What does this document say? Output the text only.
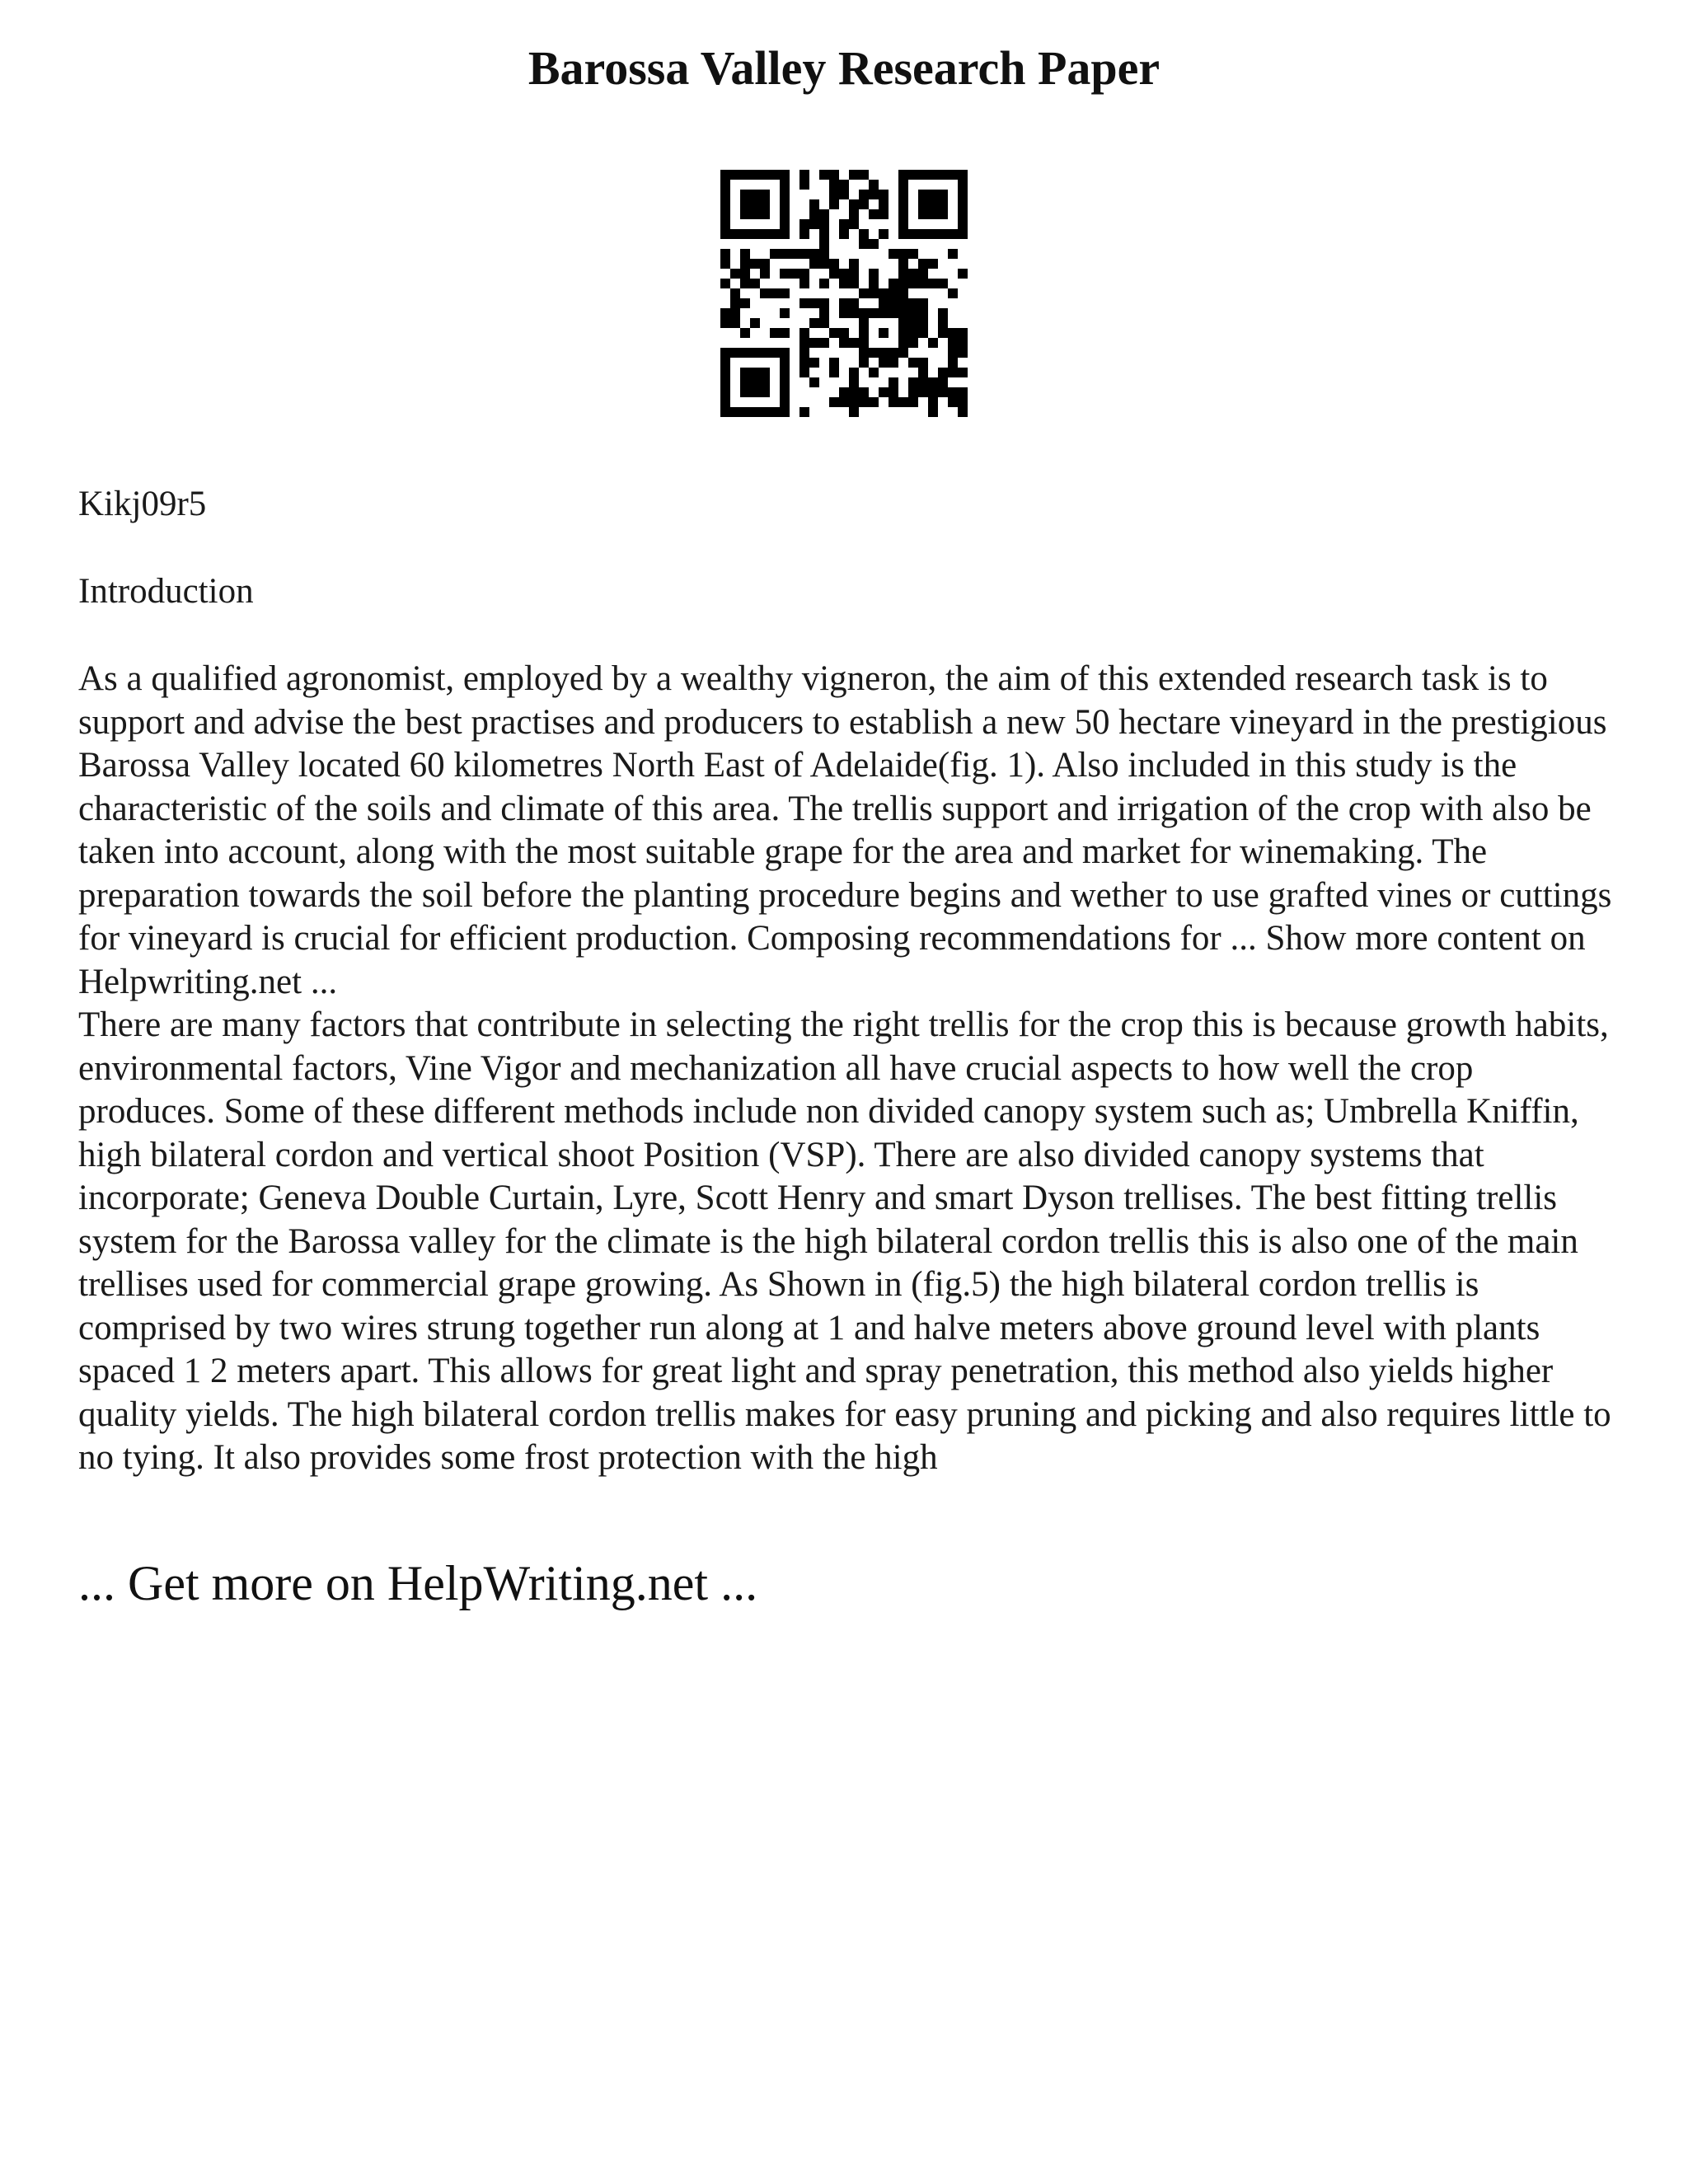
Barossa Valley Research Paper

Kikj09r5

Introduction

As a qualified agronomist, employed by a wealthy vigneron, the aim of this extended research task is to support and advise the best practises and producers to establish a new 50 hectare vineyard in the prestigious Barossa Valley located 60 kilometres North East of Adelaide(fig. 1). Also included in this study is the characteristic of the soils and climate of this area. The trellis support and irrigation of the crop with also be taken into account, along with the most suitable grape for the area and market for winemaking. The preparation towards the soil before the planting procedure begins and wether to use grafted vines or cuttings for vineyard is crucial for efficient production. Composing recommendations for ... Show more content on Helpwriting.net ...

There are many factors that contribute in selecting the right trellis for the crop this is because growth habits, environmental factors, Vine Vigor and mechanization all have crucial aspects to how well the crop produces. Some of these different methods include non divided canopy system such as; Umbrella Kniffin, high bilateral cordon and vertical shoot Position (VSP). There are also divided canopy systems that incorporate; Geneva Double Curtain, Lyre, Scott Henry and smart Dyson trellises. The best fitting trellis system for the Barossa valley for the climate is the high bilateral cordon trellis this is also one of the main trellises used for commercial grape growing. As Shown in (fig.5) the high bilateral cordon trellis is comprised by two wires strung together run along at 1 and halve meters above ground level with plants spaced 1 2 meters apart. This allows for great light and spray penetration, this method also yields higher quality yields. The high bilateral cordon trellis makes for easy pruning and picking and also requires little to no tying. It also provides some frost protection with the high

... Get more on HelpWriting.net ...
